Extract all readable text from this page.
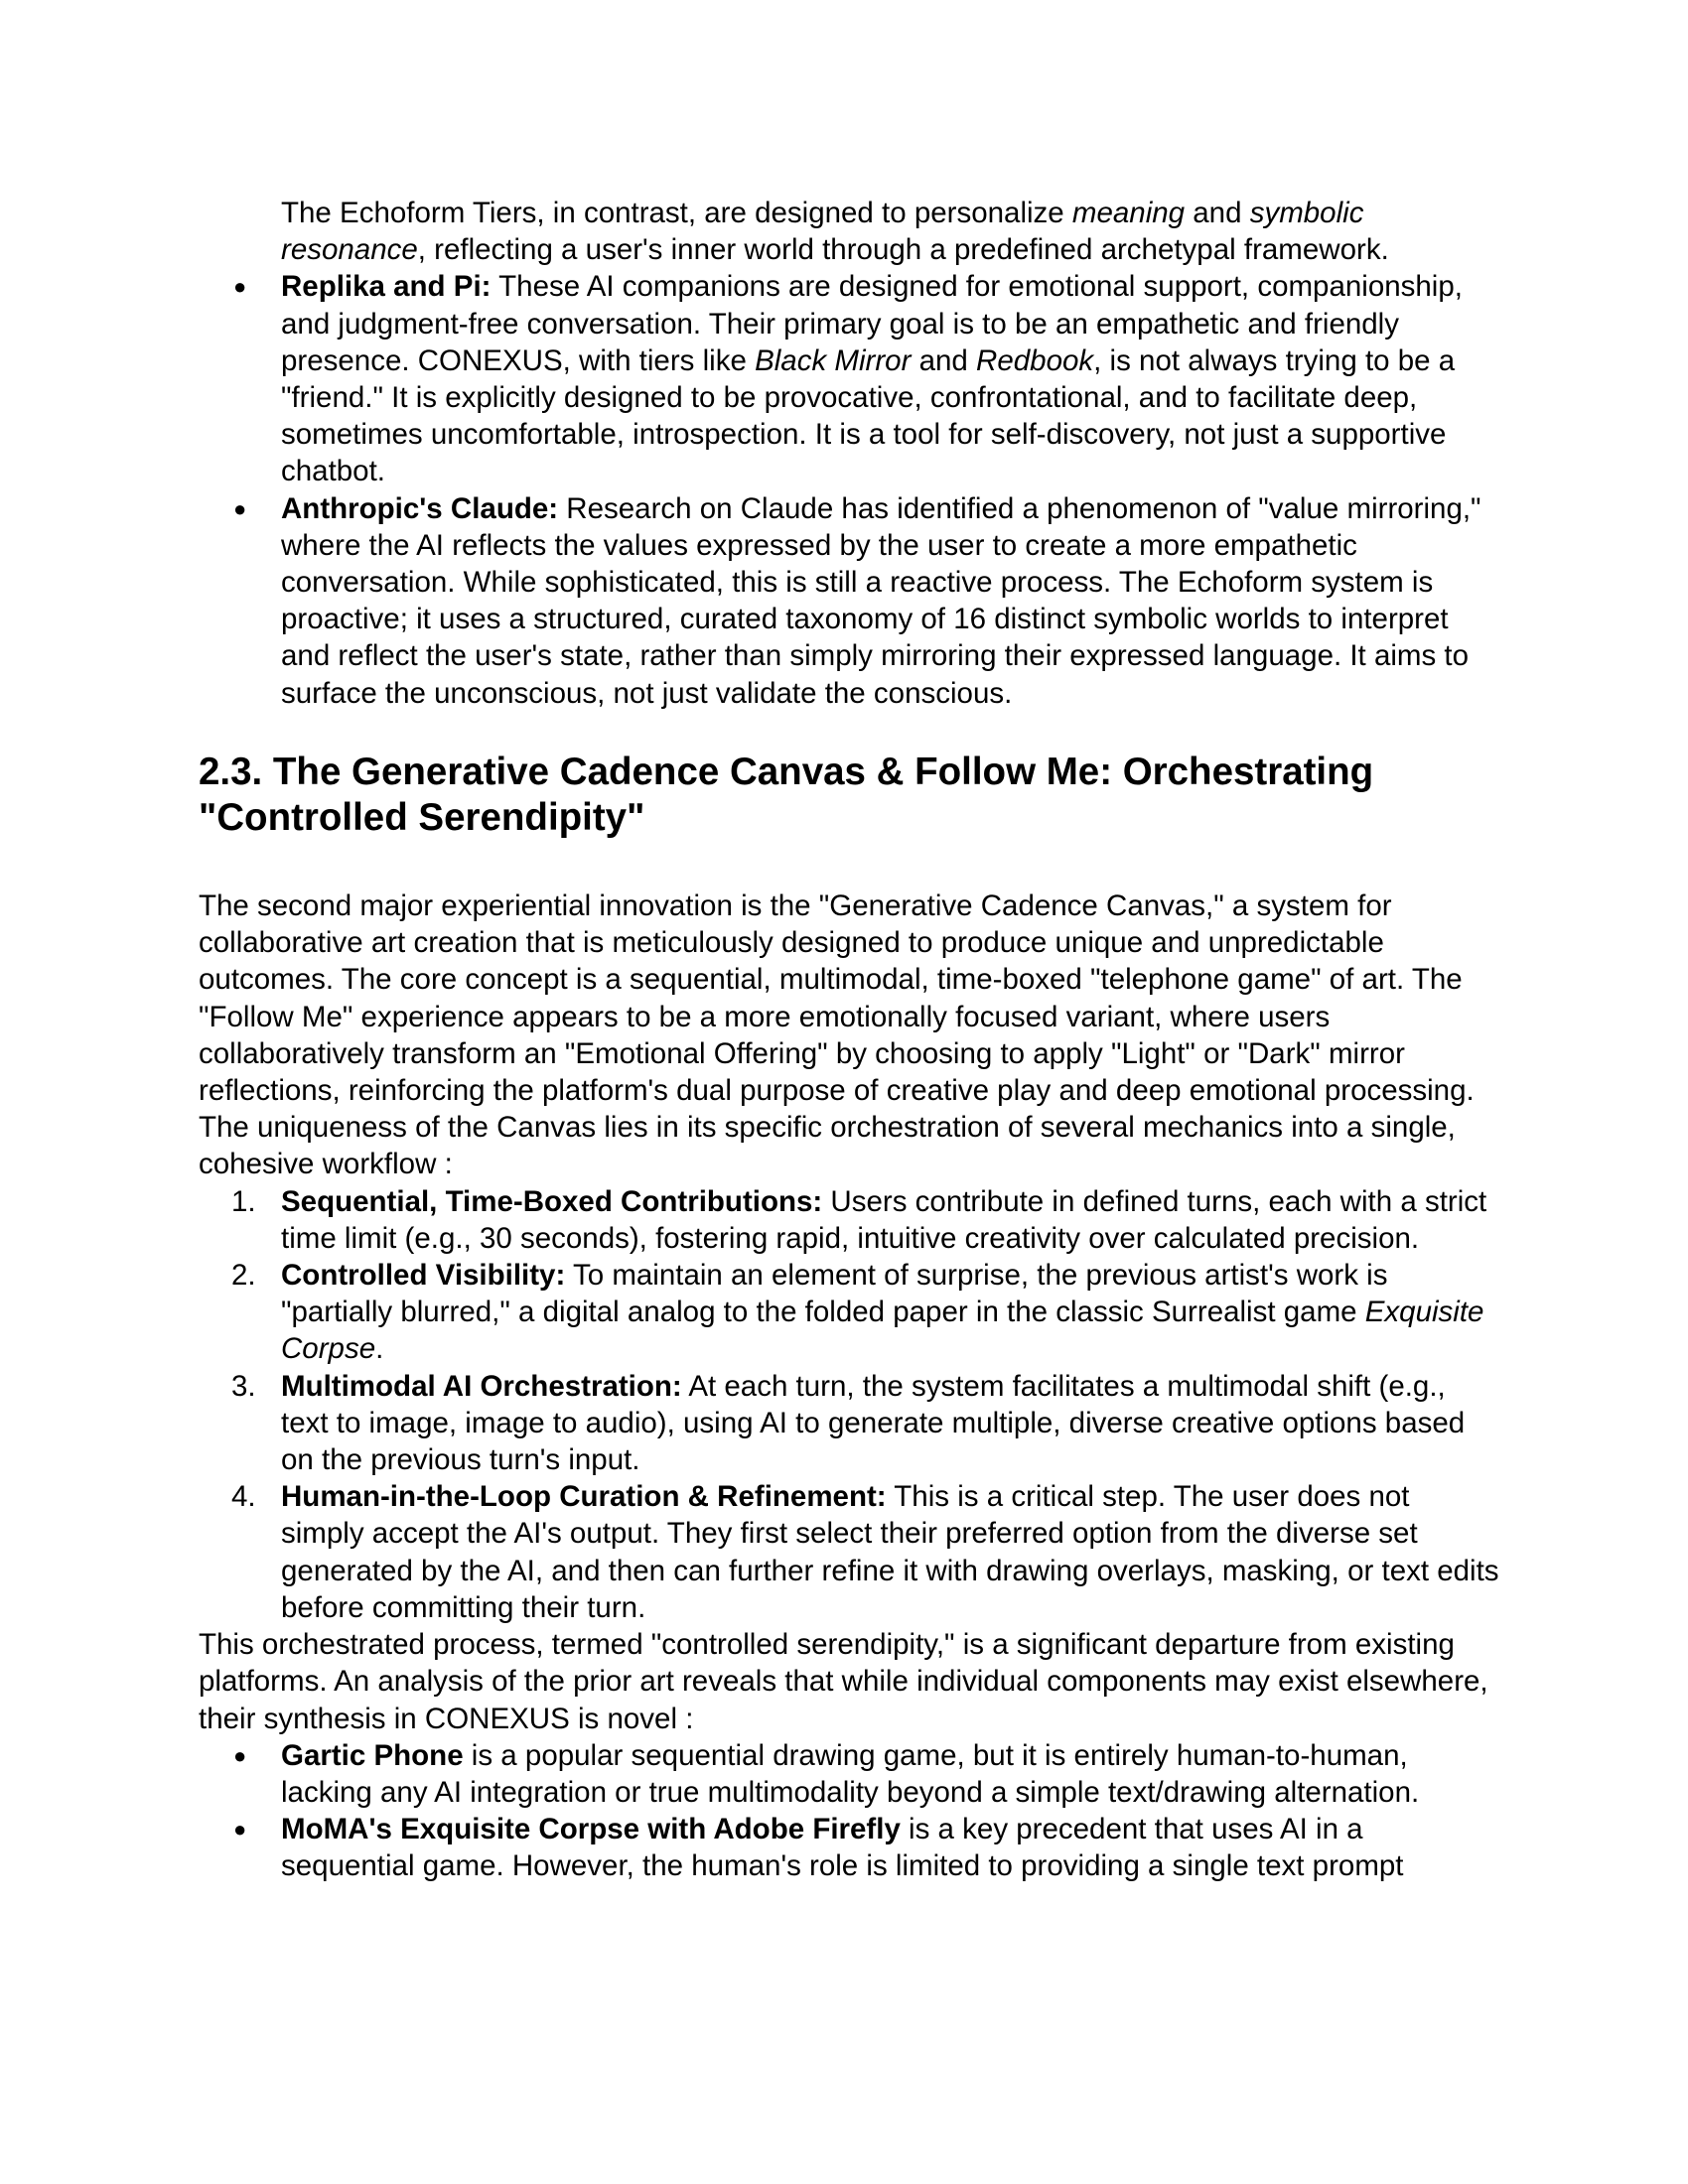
The Echoform Tiers, in contrast, are designed to personalize meaning and symbolic resonance, reflecting a user's inner world through a predefined archetypal framework.

● Replika and Pi: These AI companions are designed for emotional support, companionship, and judgment-free conversation. Their primary goal is to be an empathetic and friendly presence. CONEXUS, with tiers like Black Mirror and Redbook, is not always trying to be a "friend." It is explicitly designed to be provocative, confrontational, and to facilitate deep, sometimes uncomfortable, introspection. It is a tool for self-discovery, not just a supportive chatbot.
● Anthropic's Claude: Research on Claude has identified a phenomenon of "value mirroring," where the AI reflects the values expressed by the user to create a more empathetic conversation. While sophisticated, this is still a reactive process. The Echoform system is proactive; it uses a structured, curated taxonomy of 16 distinct symbolic worlds to interpret and reflect the user's state, rather than simply mirroring their expressed language. It aims to surface the unconscious, not just validate the conscious.
2.3. The Generative Cadence Canvas & Follow Me: Orchestrating "Controlled Serendipity"

The second major experiential innovation is the "Generative Cadence Canvas," a system for collaborative art creation that is meticulously designed to produce unique and unpredictable outcomes. The core concept is a sequential, multimodal, time-boxed "telephone game" of art. The "Follow Me" experience appears to be a more emotionally focused variant, where users collaboratively transform an "Emotional Offering" by choosing to apply "Light" or "Dark" mirror reflections, reinforcing the platform's dual purpose of creative play and deep emotional processing.

The uniqueness of the Canvas lies in its specific orchestration of several mechanics into a single, cohesive workflow :

1. Sequential, Time-Boxed Contributions: Users contribute in defined turns, each with a strict time limit (e.g., 30 seconds), fostering rapid, intuitive creativity over calculated precision.
2. Controlled Visibility: To maintain an element of surprise, the previous artist's work is "partially blurred," a digital analog to the folded paper in the classic Surrealist game Exquisite Corpse.
3. Multimodal AI Orchestration: At each turn, the system facilitates a multimodal shift (e.g., text to image, image to audio), using AI to generate multiple, diverse creative options based on the previous turn's input.
4. Human-in-the-Loop Curation & Refinement: This is a critical step. The user does not simply accept the AI's output. They first select their preferred option from the diverse set generated by the AI, and then can further refine it with drawing overlays, masking, or text edits before committing their turn.

This orchestrated process, termed "controlled serendipity," is a significant departure from existing platforms. An analysis of the prior art reveals that while individual components may exist elsewhere, their synthesis in CONEXUS is novel :

● Gartic Phone is a popular sequential drawing game, but it is entirely human-to-human, lacking any AI integration or true multimodality beyond a simple text/drawing alternation.
● MoMA's Exquisite Corpse with Adobe Firefly is a key precedent that uses AI in a sequential game. However, the human's role is limited to providing a single text prompt
